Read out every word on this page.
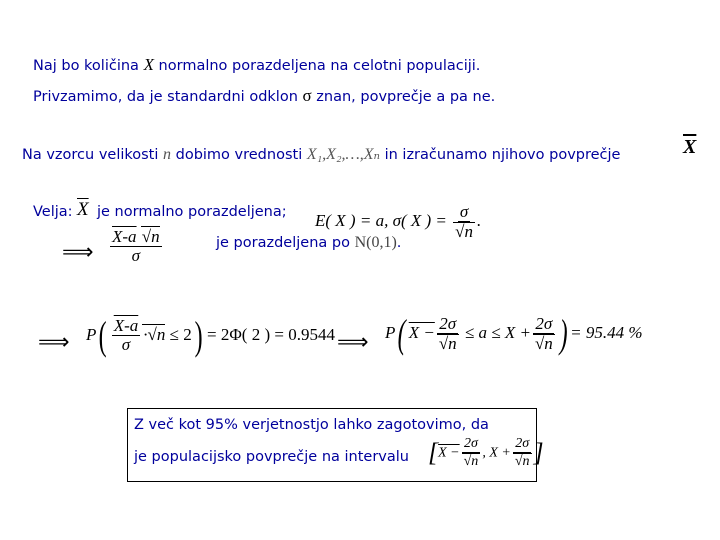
Naj bo količina X normalno porazdeljena na celotni populaciji.
Privzamimo, da je standardni odklon σ znan, povprečje a pa ne.
Na vzorcu velikosti n dobimo vrednosti X₁,X₂,…,Xₙ in izračunamo njihovo povprečje	$\overline{X}$
Velja: $\overline{X}$ je normalno porazdeljena; E( X ) = a, σ( X ) = $\frac{\sigma}{√n}$ .
⟹ $\frac{X-a √n}{\sigma}$	je porazdeljena po N(0,1).
⟹ $P( \frac{X-a}{\sigma} \cdot√n \le 2) = 2\Phi$( 2 ) = 0.9544 ⟹ P( $X - \frac{2\sigma}{√n} \le a \le X + \frac{2\sigma}{√n}$ ) = 95.44 %
Z več kot 95% verjetnostjo lahko zagotovimo, da
je populacijsko povprečje na intervalu [$X - \frac{2\sigma}{√n}$ , $X + \frac{2\sigma}{√n}$ ]
